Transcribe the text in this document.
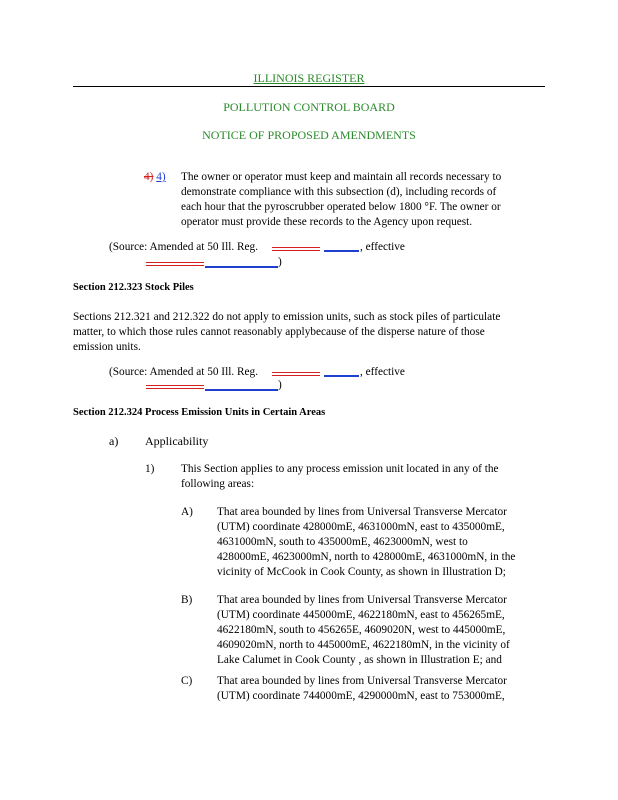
ILLINOIS REGISTER
POLLUTION CONTROL BOARD
NOTICE OF PROPOSED AMENDMENTS
4) 4) The owner or operator must keep and maintain all records necessary to
demonstrate compliance with this subsection (d), including records of
each hour that the pyroscrubber operated below 1800 °F. The owner or
operator must provide these records to the Agency upon request.
(Source: Amended at 50 Ill. Reg.	, effective
)
Section 212.323 Stock Piles
Sections 212.321 and 212.322 do not apply to emission units, such as stock piles of particulate
matter, to which those rules cannot reasonably applybecause of the disperse nature of those
emission units.
(Source: Amended at 50 Ill. Reg.	, effective
)
Section 212.324 Process Emission Units in Certain Areas
a) Applicability
1) This Section applies to any process emission unit located in any of the
following areas:
A) That area bounded by lines from Universal Transverse Mercator
(UTM) coordinate 428000mE, 4631000mN, east to 435000mE,
4631000mN, south to 435000mE, 4623000mN, west to
428000mE, 4623000mN, north to 428000mE, 4631000mN, in the
vicinity of McCook in Cook County, as shown in Illustration D;
B) That area bounded by lines from Universal Transverse Mercator
(UTM) coordinate 445000mE, 4622180mN, east to 456265mE,
4622180mN, south to 456265E, 4609020N, west to 445000mE,
4609020mN, north to 445000mE, 4622180mN, in the vicinity of
Lake Calumet in Cook County , as shown in Illustration E; and
C) That area bounded by lines from Universal Transverse Mercator
(UTM) coordinate 744000mE, 4290000mN, east to 753000mE,
